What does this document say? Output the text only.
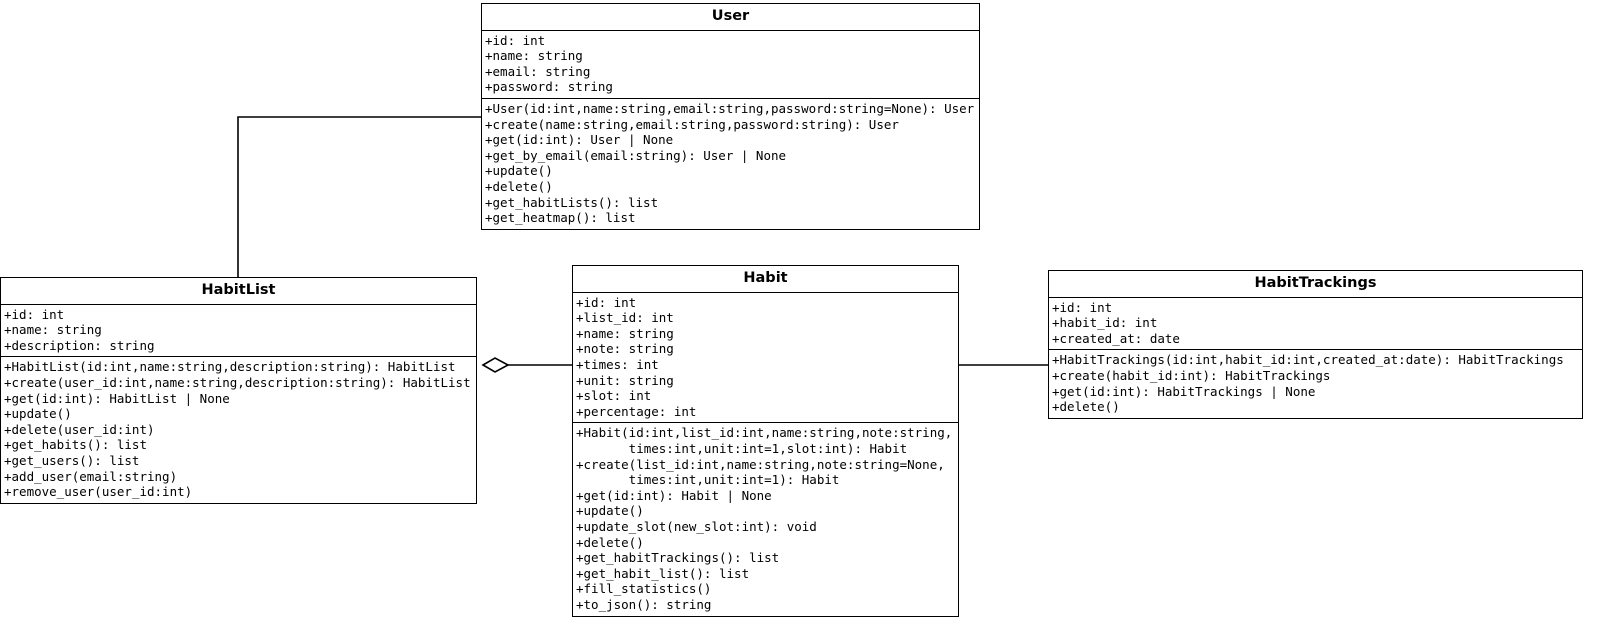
User
+id: int
+name: string
+email: string
+password: string
+User(id:int,name:string,email:string,password:string=None): User
+create(name:string,email:string,password:string): User
+get(id:int): User | None
+get_by_email(email:string): User | None
+update()
+delete()
+get_habitLists(): list
+get_heatmap(): list
HabitList
+id: int
+name: string
+description: string
+HabitList(id:int,name:string,description:string): HabitList
+create(user_id:int,name:string,description:string): HabitList
+get(id:int): HabitList | None
+update()
+delete(user_id:int)
+get_habits(): list
+get_users(): list
+add_user(email:string)
+remove_user(user_id:int)
Habit
+id: int
+list_id: int
+name: string
+note: string
+times: int
+unit: string
+slot: int
+percentage: int
+Habit(id:int,list_id:int,name:string,note:string,
times:int,unit:int=1,slot:int): Habit
+create(list_id:int,name:string,note:string=None,
times:int,unit:int=1): Habit
+get(id:int): Habit | None
+update()
+update_slot(new_slot:int): void
+delete()
+get_habitTrackings(): list
+get_habit_list(): list
+fill_statistics()
+to_json(): string
HabitTrackings
+id: int
+habit_id: int
+created_at: date
+HabitTrackings(id:int,habit_id:int,created_at:date): HabitTrackings
+create(habit_id:int): HabitTrackings
+get(id:int): HabitTrackings | None
+delete()
